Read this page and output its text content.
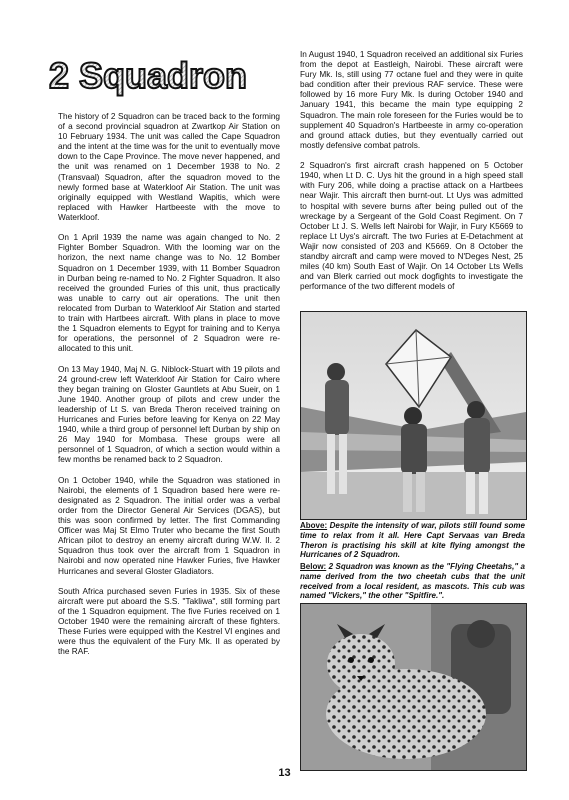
2 Squadron

The history of 2 Squadron can be traced back to the forming of a second provincial squadron at Zwartkop Air Station on 10 February 1934. The unit was called the Cape Squadron and the intent at the time was for the unit to eventually move down to the Cape Province. The move never happened, and the unit was renamed on 1 December 1938 to No. 2 (Transvaal) Squadron, after the squadron moved to the newly formed base at Waterkloof Air Station. The unit was originally equipped with Westland Wapitis, which were replaced with Hawker Hartbeeste with the move to Waterkloof.

On 1 April 1939 the name was again changed to No. 2 Fighter Bomber Squadron. With the looming war on the horizon, the next name change was to No. 12 Bomber Squadron on 1 December 1939, with 11 Bomber Squadron in Durban being re-named to No. 2 Fighter Squadron. It also received the grounded Furies of this unit, thus practically was unable to carry out air operations. The unit then relocated from Durban to Waterkloof Air Station and started to train with Hartbees aircraft. With plans in place to move the 1 Squadron elements to Egypt for training and to Kenya for operations, the personnel of 2 Squadron were re-allocated to this unit.

On 13 May 1940, Maj N. G. Niblock-Stuart with 19 pilots and 24 ground-crew left Waterkloof Air Station for Cairo where they began training on Gloster Gauntlets at Abu Sueir, on 1 June 1940. Another group of pilots and crew under the leadership of Lt S. van Breda Theron received training on Hurricanes and Furies before leaving for Kenya on 22 May 1940, while a third group of personnel left Durban by ship on 26 May 1940 for Mombasa. These groups were all personnel of 1 Squadron, of which a section would within a few months be renamed back to 2 Squadron.

On 1 October 1940, while the Squadron was stationed in Nairobi, the elements of 1 Squadron based here were re-designated as 2 Squadron. The initial order was a verbal order from the Director General Air Services (DGAS), but this was soon confirmed by letter. The first Commanding Officer was Maj St Elmo Truter who became the first South African pilot to destroy an enemy aircraft during W.W. II. 2 Squadron thus took over the aircraft from 1 Squadron in Nairobi and now operated nine Hawker Furies, five Hawker Hurricanes and several Gloster Gladiators.

South Africa purchased seven Furies in 1935. Six of these aircraft were put aboard the S.S. "Takliwa", still forming part of the 1 Squadron equipment. The five Furies received on 1 October 1940 were the remaining aircraft of these fighters. These Furies were equipped with the Kestrel VI engines and were thus the equivalent of the Fury Mk. II as operated by the RAF.

In August 1940, 1 Squadron received an additional six Furies from the depot at Eastleigh, Nairobi. These aircraft were Fury Mk. Is, still using 77 octane fuel and they were in quite bad condition after their previous RAF service. These were followed by 16 more Fury Mk. Is during October 1940 and January 1941, this became the main type equipping 2 Squadron. The main role foreseen for the Furies would be to supplement 40 Squadron's Hartbeeste in army co-operation and ground attack duties, but they eventually carried out mostly defensive combat patrols.

2 Squadron's first aircraft crash happened on 5 October 1940, when Lt D. C. Uys hit the ground in a high speed stall with Fury 206, while doing a practise attack on a Hartbees near Wajir. This aircraft then burnt-out. Lt Uys was admitted to hospital with severe burns after being pulled out of the wreckage by a Sergeant of the Gold Coast Regiment. On 7 October Lt J. S. Wells left Nairobi for Wajir, in Fury K5669 to replace Lt Uys's aircraft. The two Furies at E-Detachment at Wajir now consisted of 203 and K5669. On 8 October the standby aircraft and camp were moved to N'Deges Nest, 25 miles (40 km) South East of Wajir. On 14 October Lts Wells and van Blerk carried out mock dogfights to investigate the performance of the two different models of

Above: Despite the intensity of war, pilots still found some time to relax from it all. Here Capt Servaas van Breda Theron is practising his skill at kite flying amongst the Hurricanes of 2 Squadron.
Below: 2 Squadron was known as the "Flying Cheetahs," a name derived from the two cheetah cubs that the unit received from a local resident, as mascots. This cub was named "Vickers," the other "Spitfire.".
13
